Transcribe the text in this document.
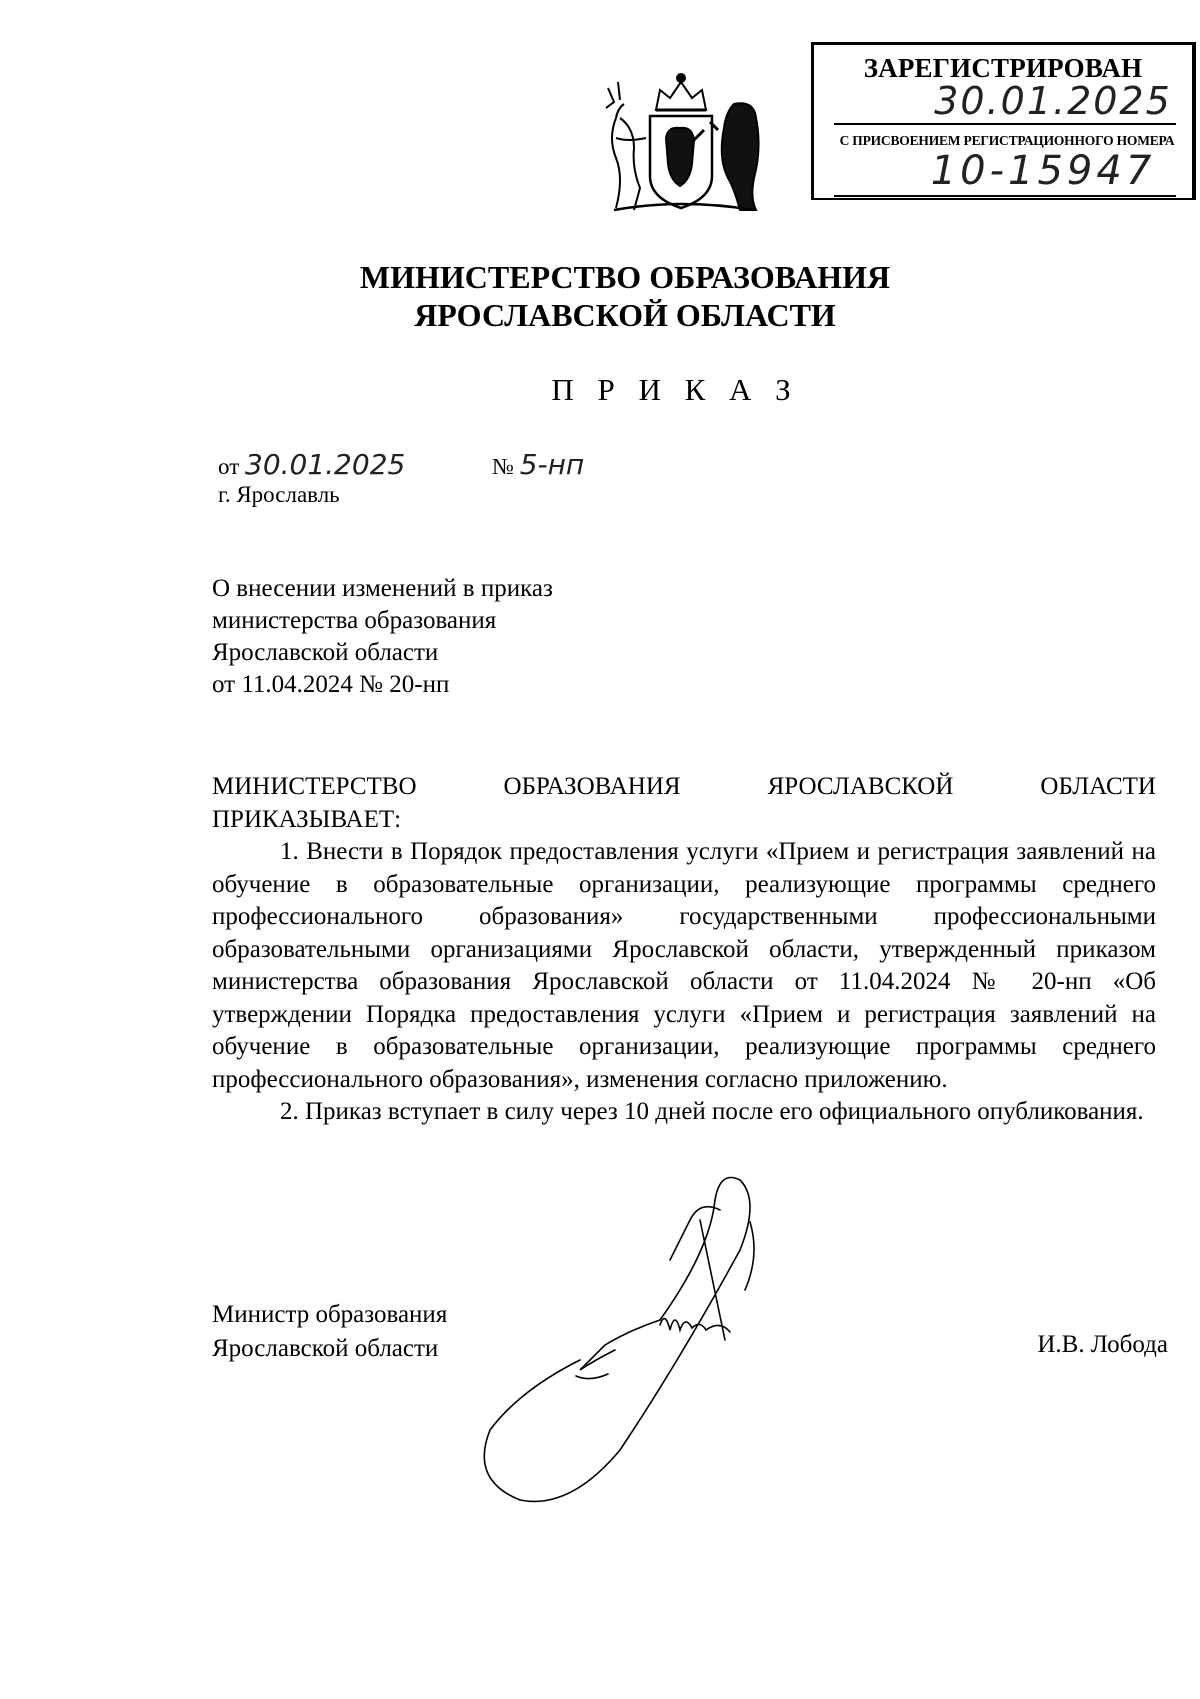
ЗАРЕГИСТРИРОВАН
30.01.2025
С ПРИСВОЕНИЕМ РЕГИСТРАЦИОННОГО НОМЕРА
10-15947
МИНИСТЕРСТВО ОБРАЗОВАНИЯ
ЯРОСЛАВСКОЙ ОБЛАСТИ
П Р И К А З
от 30.01.2025	№ 5-нп
г. Ярославль
О внесении изменений в приказ
министерства образования
Ярославской области
от 11.04.2024 № 20-нп
МИНИСТЕРСТВО ОБРАЗОВАНИЯ ЯРОСЛАВСКОЙ ОБЛАСТИ
ПРИКАЗЫВАЕТ:
1. Внести в Порядок предоставления услуги «Прием и регистрация заявлений на обучение в образовательные организации, реализующие программы среднего профессионального образования» государственными профессиональными образовательными организациями Ярославской области, утвержденный приказом министерства образования Ярославской области от 11.04.2024 № 20-нп «Об утверждении Порядка предоставления услуги «Прием и регистрация заявлений на обучение в образовательные организации, реализующие программы среднего профессионального образования», изменения согласно приложению.
2. Приказ вступает в силу через 10 дней после его официального опубликования.
Министр образования
Ярославской области	И.В. Лобода
